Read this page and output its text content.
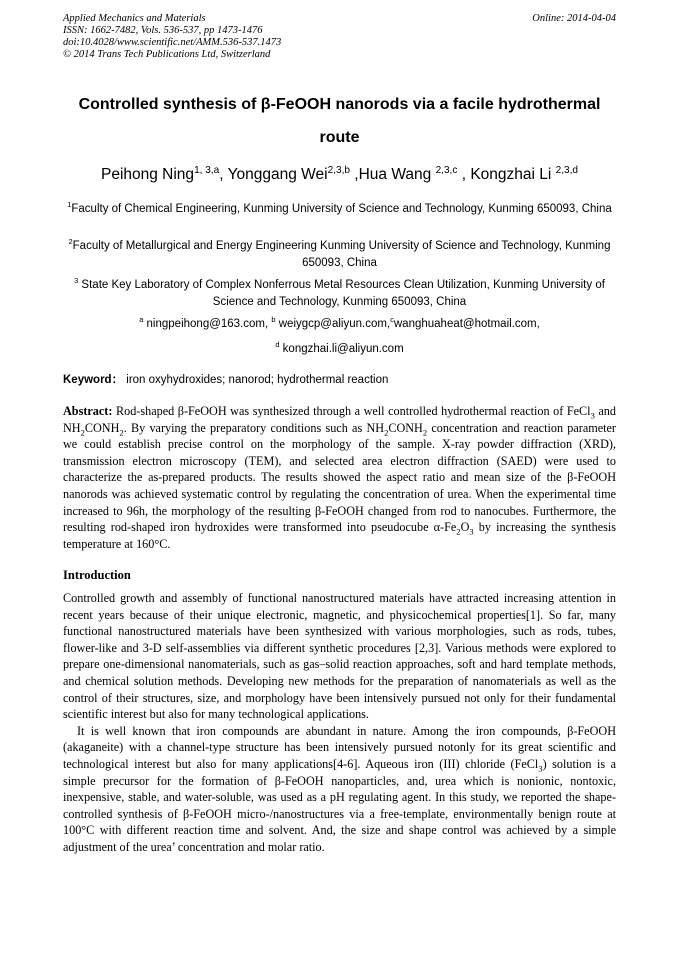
Applied Mechanics and Materials
ISSN: 1662-7482, Vols. 536-537, pp 1473-1476
doi:10.4028/www.scientific.net/AMM.536-537.1473
© 2014 Trans Tech Publications Ltd, Switzerland
Online: 2014-04-04
Controlled synthesis of β-FeOOH nanorods via a facile hydrothermal
route
Peihong Ning$^{1, 3,a}$, Yonggang Wei$^{2,3,b}$ ,Hua Wang $^{2,3,c}$ , Kongzhai Li $^{2,3,d}$
$^1$Faculty of Chemical Engineering, Kunming University of Science and Technology, Kunming 650093, China
$^2$Faculty of Metallurgical and Energy Engineering Kunming University of Science and Technology, Kunming 650093, China
$^3$ State Key Laboratory of Complex Nonferrous Metal Resources Clean Utilization, Kunming University of Science and Technology, Kunming 650093, China
$^a$ ningpeihong@163.com, $^b$ weiygcp@aliyun.com,$^c$wanghuaheat@hotmail.com,
$^d$ kongzhai.li@aliyun.com
Keyword： iron oxyhydroxides; nanorod; hydrothermal reaction
Abstract: Rod-shaped β-FeOOH was synthesized through a well controlled hydrothermal reaction of FeCl$_3$ and $NH_2CONH_2$. By varying the preparatory conditions such as $NH_2CONH_2$ concentration and reaction parameter we could establish precise control on the morphology of the sample. X-ray powder diffraction (XRD), transmission electron microscopy (TEM), and selected area electron diffraction (SAED) were used to characterize the as-prepared products. The results showed the aspect ratio and mean size of the β-FeOOH nanorods was achieved systematic control by regulating the concentration of urea. When the experimental time increased to 96h, the morphology of the resulting β-FeOOH changed from rod to nanocubes. Furthermore, the resulting rod-shaped iron hydroxides were transformed into pseudocube $\alpha-Fe_2O_3$ by increasing the synthesis temperature at 160°C.
Introduction
Controlled growth and assembly of functional nanostructured materials have attracted increasing attention in recent years because of their unique electronic, magnetic, and physicochemical properties[1]. So far, many functional nanostructured materials have been synthesized with various morphologies, such as rods, tubes, flower-like and 3-D self-assemblies via different synthetic procedures [2,3]. Various methods were explored to prepare one-dimensional nanomaterials, such as gas–solid reaction approaches, soft and hard template methods, and chemical solution methods. Developing new methods for the preparation of nanomaterials as well as the control of their structures, size, and morphology have been intensively pursued not only for their fundamental scientific interest but also for many technological applications.
It is well known that iron compounds are abundant in nature. Among the iron compounds, β-FeOOH (akaganeite) with a channel-type structure has been intensively pursued notonly for its great scientific and technological interest but also for many applications[4-6]. Aqueous iron (III) chloride (FeCl$_3$) solution is a simple precursor for the formation of β-FeOOH nanoparticles, and, urea which is nonionic, nontoxic, inexpensive, stable, and water-soluble, was used as a pH regulating agent. In this study, we reported the shape-controlled synthesis of β-FeOOH micro-/nanostructures via a free-template, environmentally benign route at 100°C with different reaction time and solvent. And, the size and shape control was achieved by a simple adjustment of the urea’ concentration and molar ratio.
